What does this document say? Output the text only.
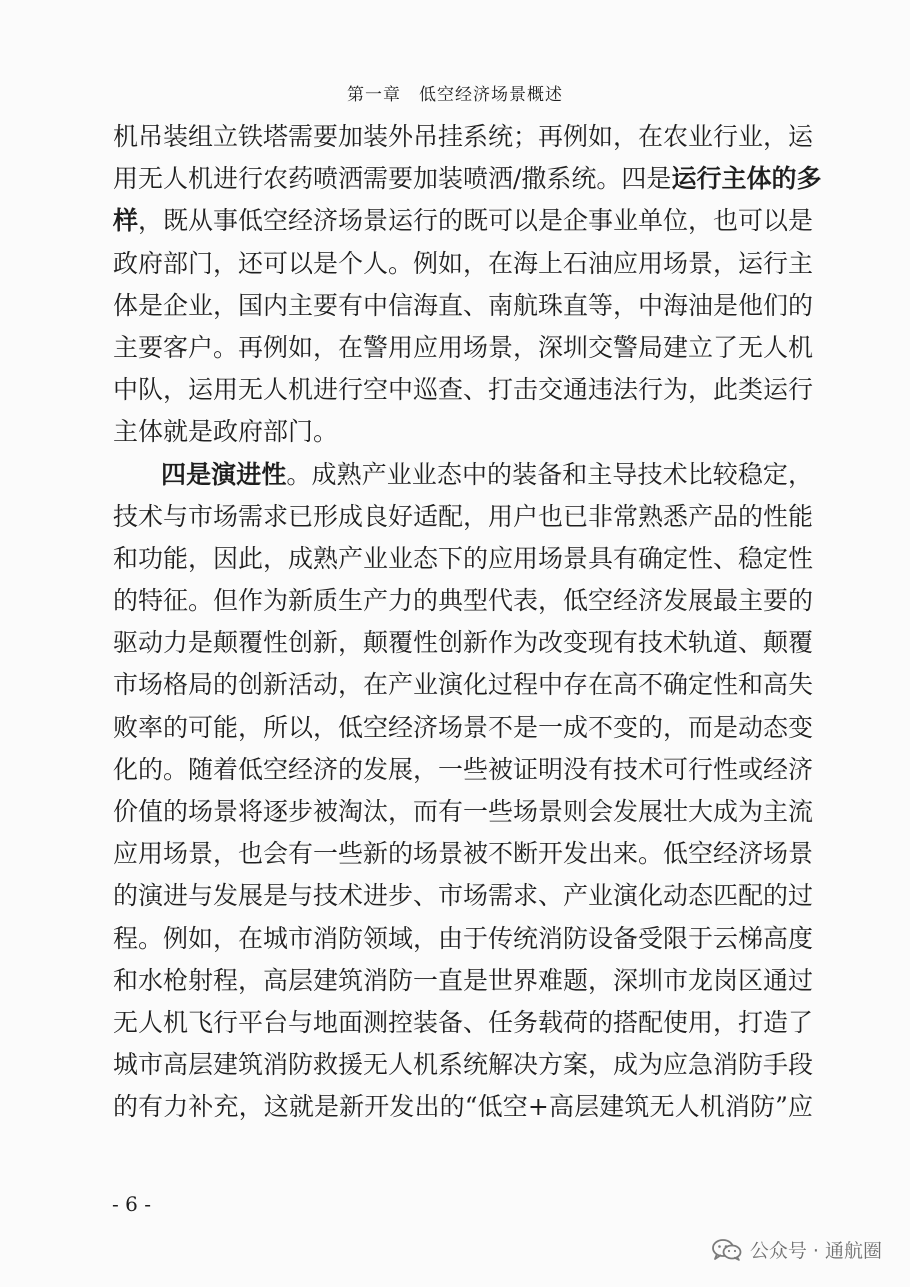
第一章　低空经济场景概述
机吊装组立铁塔需要加装外吊挂系统；再例如，在农业行业，运
用无人机进行农药喷洒需要加装喷洒/撒系统。四是运行主体的多
样，既从事低空经济场景运行的既可以是企事业单位，也可以是
政府部门，还可以是个人。例如，在海上石油应用场景，运行主
体是企业，国内主要有中信海直、南航珠直等，中海油是他们的
主要客户。再例如，在警用应用场景，深圳交警局建立了无人机
中队，运用无人机进行空中巡查、打击交通违法行为，此类运行
主体就是政府部门。
四是演进性。成熟产业业态中的装备和主导技术比较稳定，
技术与市场需求已形成良好适配，用户也已非常熟悉产品的性能
和功能，因此，成熟产业业态下的应用场景具有确定性、稳定性
的特征。但作为新质生产力的典型代表，低空经济发展最主要的
驱动力是颠覆性创新，颠覆性创新作为改变现有技术轨道、颠覆
市场格局的创新活动，在产业演化过程中存在高不确定性和高失
败率的可能，所以，低空经济场景不是一成不变的，而是动态变
化的。随着低空经济的发展，一些被证明没有技术可行性或经济
价值的场景将逐步被淘汰，而有一些场景则会发展壮大成为主流
应用场景，也会有一些新的场景被不断开发出来。低空经济场景
的演进与发展是与技术进步、市场需求、产业演化动态匹配的过
程。例如，在城市消防领域，由于传统消防设备受限于云梯高度
和水枪射程，高层建筑消防一直是世界难题，深圳市龙岗区通过
无人机飞行平台与地面测控装备、任务载荷的搭配使用，打造了
城市高层建筑消防救援无人机系统解决方案，成为应急消防手段
的有力补充，这就是新开发出的“低空+高层建筑无人机消防”应
- 6 -
公众号 · 通航圈
